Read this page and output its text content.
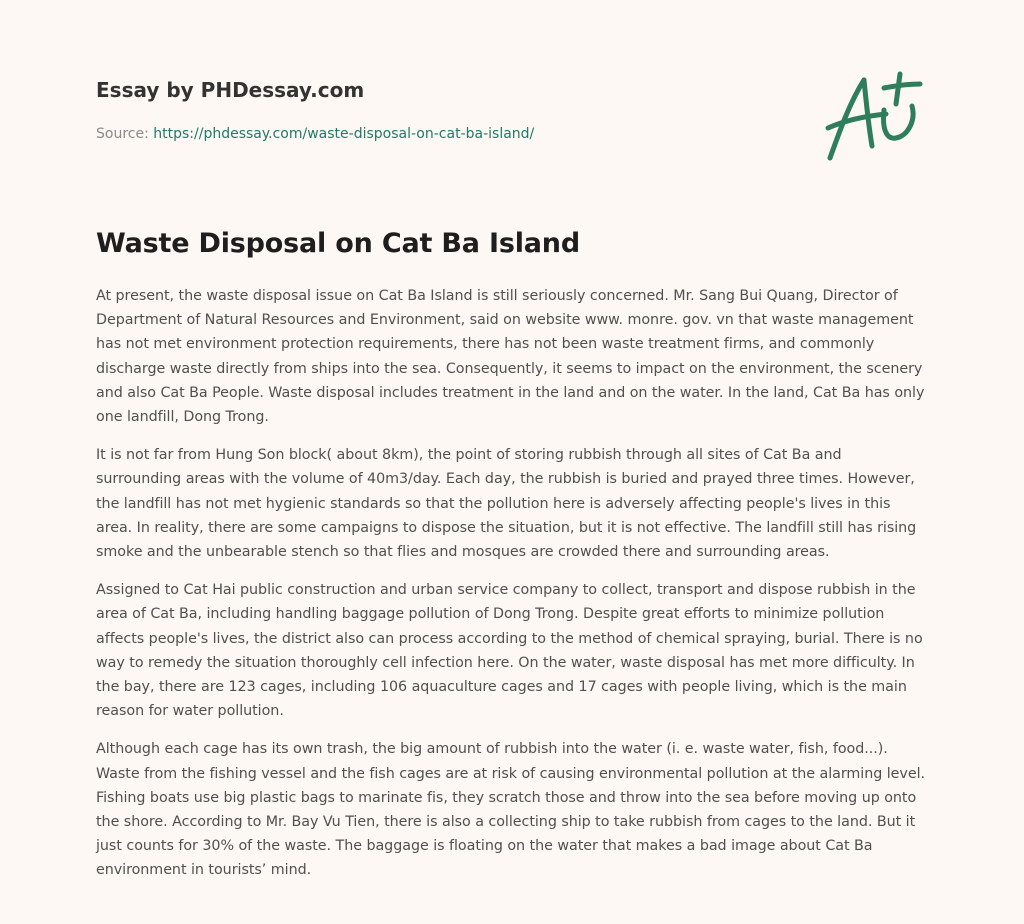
Essay by PHDessay.com

Source: https://phdessay.com/waste-disposal-on-cat-ba-island/
Waste Disposal on Cat Ba Island

At present, the waste disposal issue on Cat Ba Island is still seriously concerned. Mr. Sang Bui Quang, Director of Department of Natural Resources and Environment, said on website www. monre. gov. vn that waste management has not met environment protection requirements, there has not been waste treatment firms, and commonly discharge waste directly from ships into the sea. Consequently, it seems to impact on the environment, the scenery and also Cat Ba People. Waste disposal includes treatment in the land and on the water. In the land, Cat Ba has only one landfill, Dong Trong.

It is not far from Hung Son block( about 8km), the point of storing rubbish through all sites of Cat Ba and surrounding areas with the volume of 40m3/day. Each day, the rubbish is buried and prayed three times. However, the landfill has not met hygienic standards so that the pollution here is adversely affecting people's lives in this area. In reality, there are some campaigns to dispose the situation, but it is not effective. The landfill still has rising smoke and the unbearable stench so that flies and mosques are crowded there and surrounding areas.

Assigned to Cat Hai public construction and urban service company to collect, transport and dispose rubbish in the area of Cat Ba, including handling baggage pollution of Dong Trong. Despite great efforts to minimize pollution affects people's lives, the district also can process according to the method of chemical spraying, burial. There is no way to remedy the situation thoroughly cell infection here. On the water, waste disposal has met more difficulty. In the bay, there are 123 cages, including 106 aquaculture cages and 17 cages with people living, which is the main reason for water pollution.

Although each cage has its own trash, the big amount of rubbish into the water (i. e. waste water, fish, food...). Waste from the fishing vessel and the fish cages are at risk of causing environmental pollution at the alarming level. Fishing boats use big plastic bags to marinate fis, they scratch those and throw into the sea before moving up onto the shore. According to Mr. Bay Vu Tien, there is also a collecting ship to take rubbish from cages to the land. But it just counts for 30% of the waste. The baggage is floating on the water that makes a bad image about Cat Ba environment in tourists’ mind.
